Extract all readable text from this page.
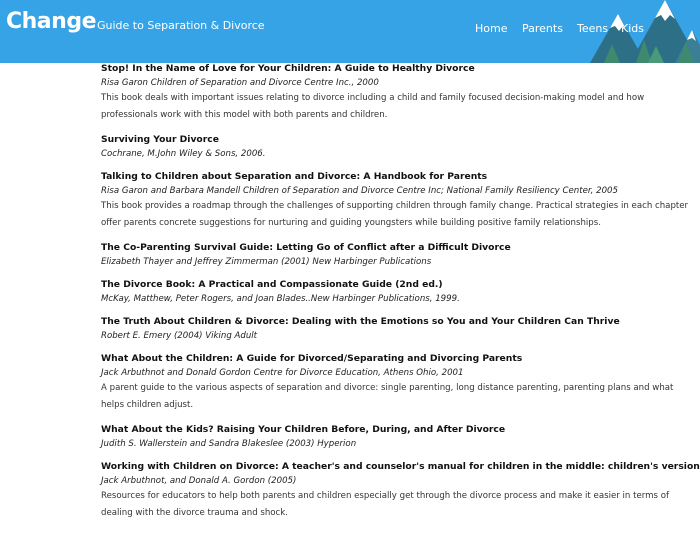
Change Guide to Separation & Divorce	Home Parents Teens Kids
Stop! In the Name of Love for Your Children: A Guide to Healthy Divorce
Risa Garon Children of Separation and Divorce Centre Inc., 2000
This book deals with important issues relating to divorce including a child and family focused decision-making model and how professionals work with this model with both parents and children.
Surviving Your Divorce
Cochrane, M.John Wiley & Sons, 2006.
Talking to Children about Separation and Divorce: A Handbook for Parents
Risa Garon and Barbara Mandell Children of Separation and Divorce Centre Inc; National Family Resiliency Center, 2005
This book provides a roadmap through the challenges of supporting children through family change. Practical strategies in each chapter offer parents concrete suggestions for nurturing and guiding youngsters while building positive family relationships.
The Co-Parenting Survival Guide: Letting Go of Conflict after a Difficult Divorce
Elizabeth Thayer and Jeffrey Zimmerman (2001) New Harbinger Publications
The Divorce Book: A Practical and Compassionate Guide (2nd ed.)
McKay, Matthew, Peter Rogers, and Joan Blades..New Harbinger Publications, 1999.
The Truth About Children & Divorce: Dealing with the Emotions so You and Your Children Can Thrive
Robert E. Emery (2004) Viking Adult
What About the Children: A Guide for Divorced/Separating and Divorcing Parents
Jack Arbuthnot and Donald Gordon Centre for Divorce Education, Athens Ohio, 2001
A parent guide to the various aspects of separation and divorce: single parenting, long distance parenting, parenting plans and what helps children adjust.
What About the Kids? Raising Your Children Before, During, and After Divorce
Judith S. Wallerstein and Sandra Blakeslee (2003) Hyperion
Working with Children on Divorce: A teacher's and counselor's manual for children in the middle: children's version
Jack Arbuthnot, and Donald A. Gordon (2005)
Resources for educators to help both parents and children especially get through the divorce process and make it easier in terms of dealing with the divorce trauma and shock.
